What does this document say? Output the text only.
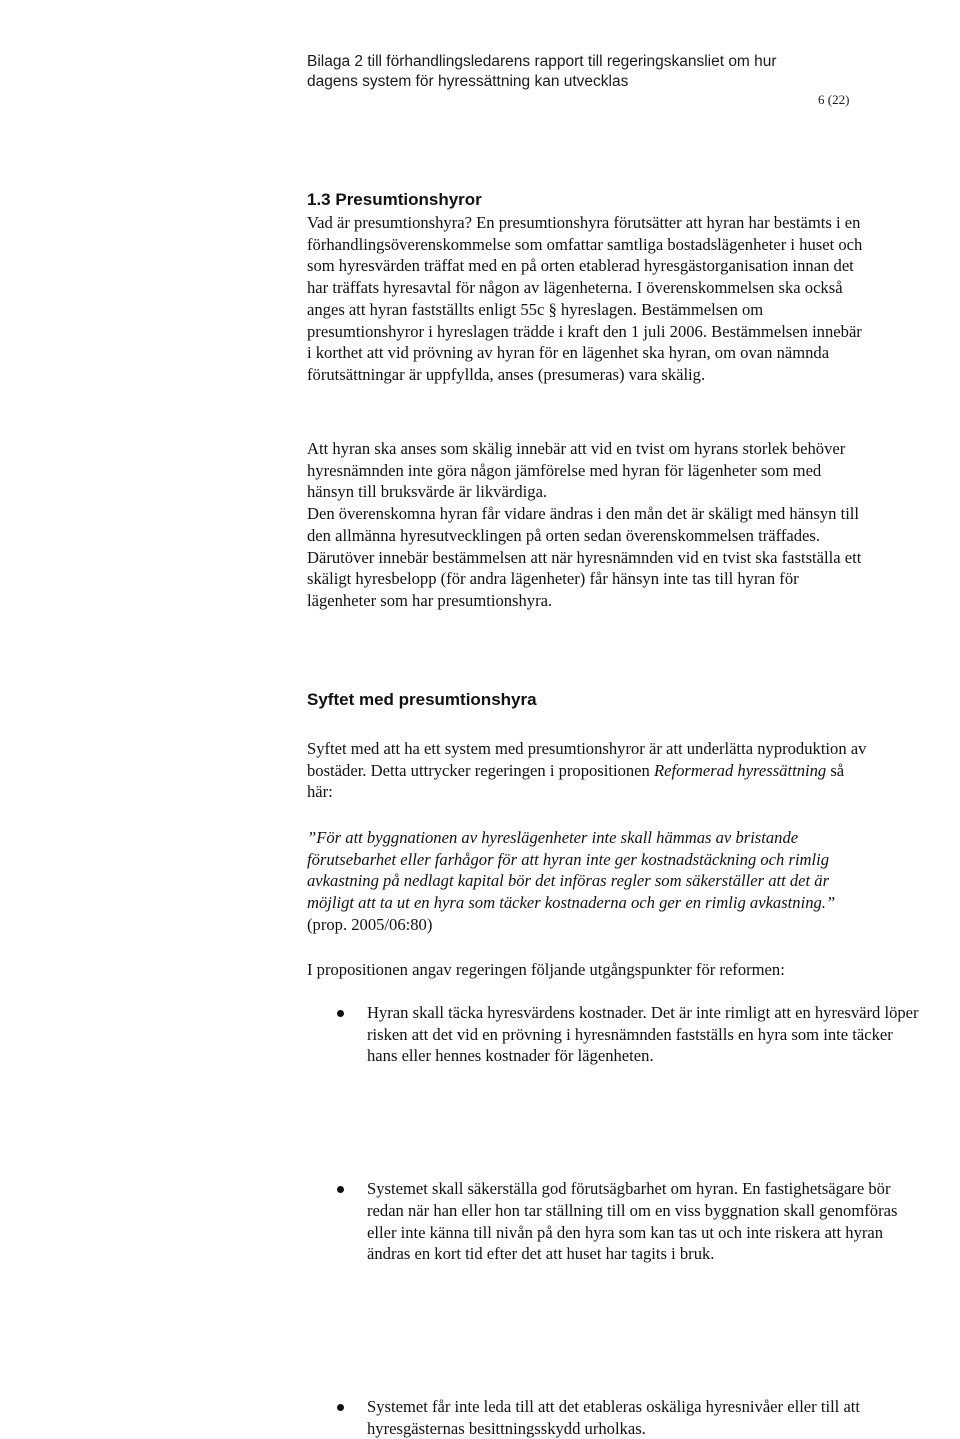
Bilaga 2 till förhandlingsledarens rapport till regeringskansliet om hur
dagens system för hyressättning kan utvecklas
6 (22)
1.3 Presumtionshyror

Vad är presumtionshyra? En presumtionshyra förutsätter att hyran har bestämts i en förhandlingsöverenskommelse som omfattar samtliga bostadslägenheter i huset och som hyresvärden träffat med en på orten etablerad hyresgästorganisation innan det har träffats hyresavtal för någon av lägenheterna. I överenskommelsen ska också anges att hyran fastställts enligt 55c § hyreslagen. Bestämmelsen om presumtionshyror i hyreslagen trädde i kraft den 1 juli 2006. Bestämmelsen innebär i korthet att vid prövning av hyran för en lägenhet ska hyran, om ovan nämnda förutsättningar är uppfyllda, anses (presumeras) vara skälig.

Att hyran ska anses som skälig innebär att vid en tvist om hyrans storlek behöver hyresnämnden inte göra någon jämförelse med hyran för lägenheter som med hänsyn till bruksvärde är likvärdiga.

Den överenskomna hyran får vidare ändras i den mån det är skäligt med hänsyn till den allmänna hyresutvecklingen på orten sedan överenskommelsen träffades. Därutöver innebär bestämmelsen att när hyresnämnden vid en tvist ska fastställa ett skäligt hyresbelopp (för andra lägenheter) får hänsyn inte tas till hyran för lägenheter som har presumtionshyra.

Syftet med presumtionshyra

Syftet med att ha ett system med presumtionshyror är att underlätta nyproduktion av bostäder. Detta uttrycker regeringen i propositionen Reformerad hyressättning så här:

”För att byggnationen av hyreslägenheter inte skall hämmas av bristande förutsebarhet eller farhågor för att hyran inte ger kostnadstäckning och rimlig avkastning på nedlagt kapital bör det införas regler som säkerställer att det är möjligt att ta ut en hyra som täcker kostnaderna och ger en rimlig avkastning.” (prop. 2005/06:80)

I propositionen angav regeringen följande utgångspunkter för reformen:

Hyran skall täcka hyresvärdens kostnader. Det är inte rimligt att en hyresvärd löper risken att det vid en prövning i hyresnämnden fastställs en hyra som inte täcker hans eller hennes kostnader för lägenheten.
Systemet skall säkerställa god förutsägbarhet om hyran. En fastighetsägare bör redan när han eller hon tar ställning till om en viss byggnation skall genomföras eller inte känna till nivån på den hyra som kan tas ut och inte riskera att hyran ändras en kort tid efter det att huset har tagits i bruk.
Systemet får inte leda till att det etableras oskäliga hyresnivåer eller till att hyresgästernas besittningsskydd urholkas.
